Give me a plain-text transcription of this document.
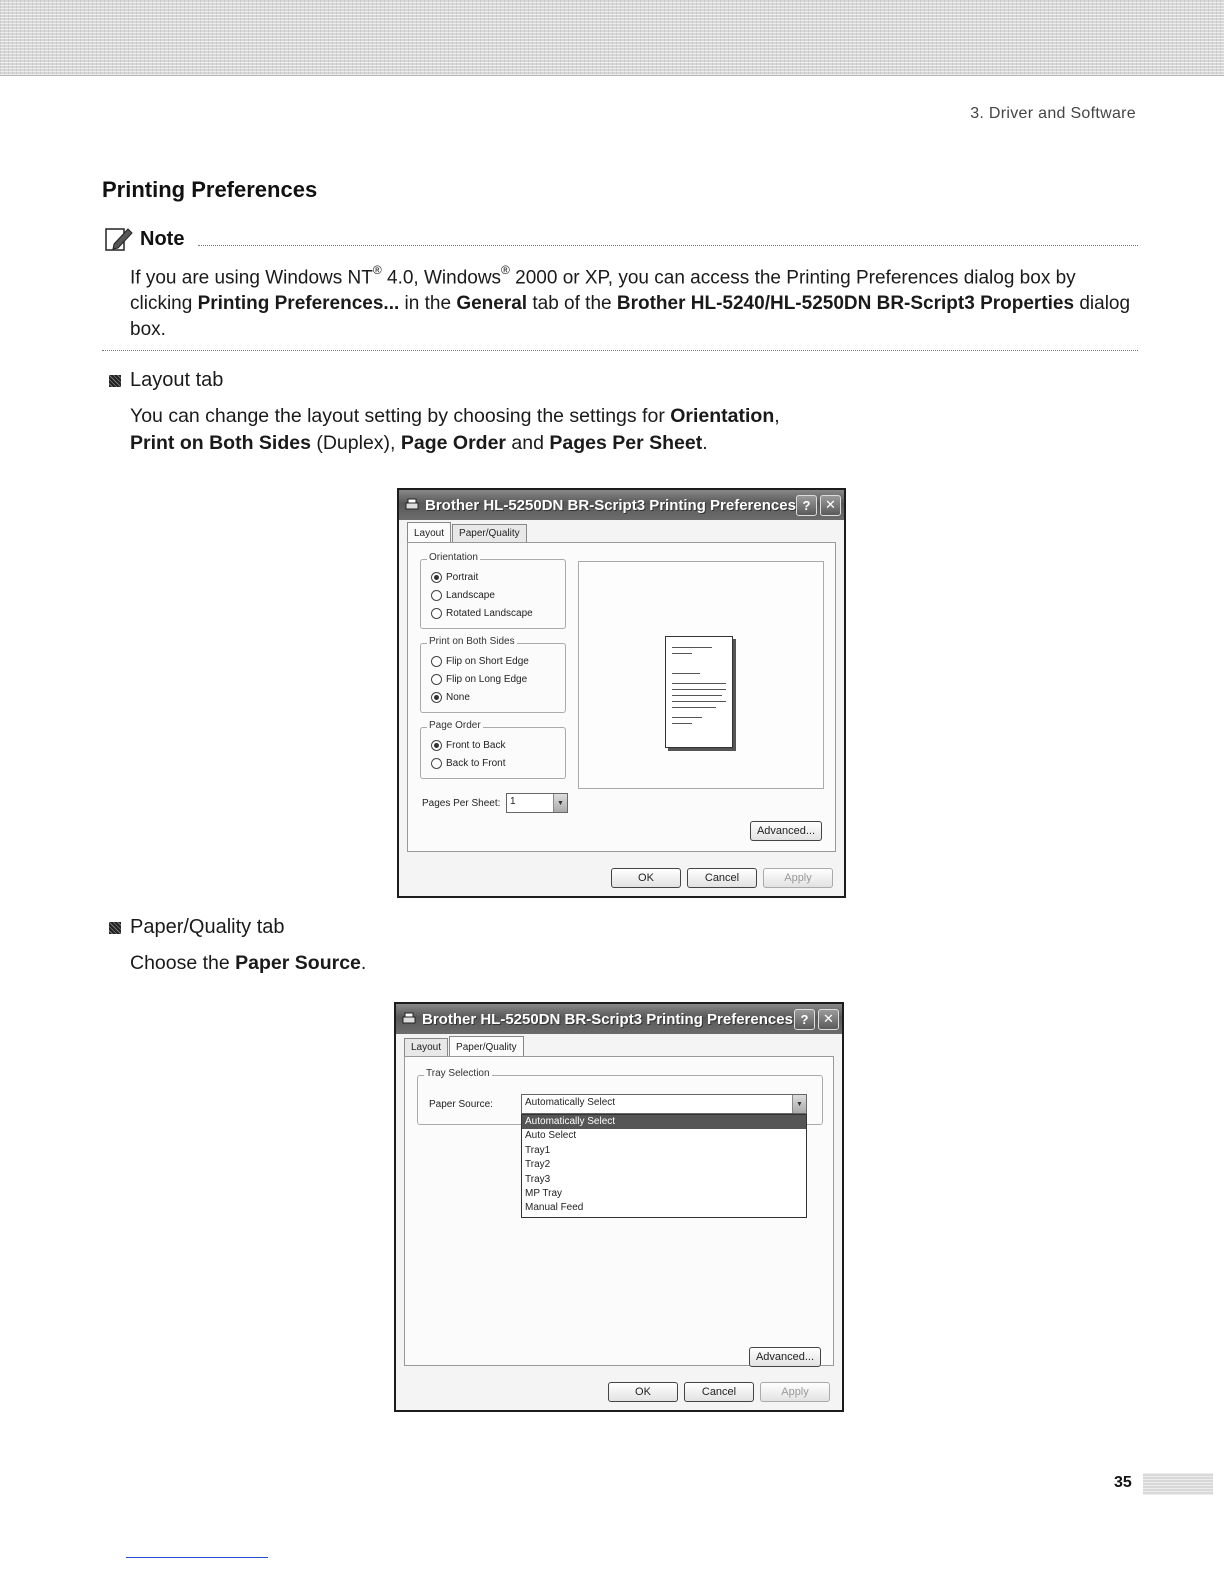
3. Driver and Software
Printing Preferences
Note
If you are using Windows NT® 4.0, Windows® 2000 or XP, you can access the Printing Preferences dialog box by clicking Printing Preferences... in the General tab of the Brother HL-5240/HL-5250DN BR-Script3 Properties dialog box.
Layout tab
You can change the layout setting by choosing the settings for Orientation,
Print on Both Sides (Duplex), Page Order and Pages Per Sheet.
Brother HL-5250DN BR-Script3 Printing Preferences ?	✕
Layout	Paper/Quality
Orientation
Portrait
Landscape
Rotated Landscape
Print on Both Sides
Flip on Short Edge
Flip on Long Edge
None
Page Order
Front to Back
Back to Front
Pages Per Sheet: 1	▼
Advanced...
OK	Cancel	Apply
Paper/Quality tab
Choose the Paper Source.
Brother HL-5250DN BR-Script3 Printing Preferences ?	✕
Layout	Paper/Quality
Tray Selection
Paper Source:	Automatically Select	▼
Automatically Select
Auto Select
Tray1
Tray2
Tray3
MP Tray
Manual Feed
Advanced...
OK	Cancel	Apply
35
